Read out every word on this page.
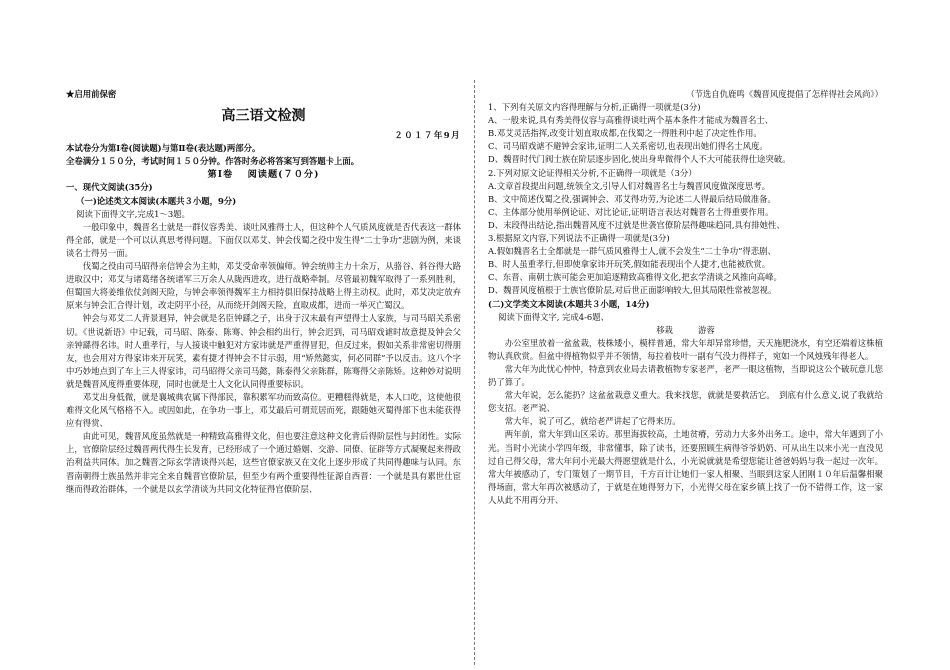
★启用前保密

高三语文检测

２０１７年9月

本试卷分为第Ⅰ卷(阅读题)与第Ⅱ卷(表达题)两部分。

全卷满分１５０分，考试时间１５０分钟。作答时务必将答案写到答题卡上面。

第Ⅰ卷　 阅读题(７０分)

一、现代文阅读(35分)

（一)论述类文本阅读(本题共３小题，9分)

阅读下面得文字,完成1～3题。

一般印象中，魏晋名士就是一群仪容秀美、谈吐风雅得士人，但这种个人气质风度就是否代表这一群体得全部，就是一个可以认真思考得问题。下面仅以邓艾、钟会伐蜀之役中发生得“二士争功”悲剧为例，来谈谈名士得另一面。

伐蜀之役由司马昭得亲信钟会为主帅，邓艾受命率领偏师。钟会统帅主力十余万，从骆谷、斜谷得大路进取汉中；邓艾与诸葛绪各统诸军三万余人从陇西进攻，进行战略牵制。尽管最初魏军取得了一系列胜利，但蜀国大将姜维依仗剑阁天险，与钟会率领得魏军主力相持俱旧保持战略上得主动权。此时，邓艾决定放弃原来与钟会汇合得计划，改走阴平小径，从而绕开剑阁天险，直取成都，进而一举灭亡蜀汉。

钟会与邓艾二人背景迥异，钟会就是名臣钟繇之子，出身于汉末最有声望得士人家族，与司马昭关系密切。《世说新语》中记载，司马昭、陈泰、陈骞、钟会相约出行，钟会迟到，司马昭戏谑时故意提及钟会父亲钟繇得名讳。时人重孝行，与人接谈中触犯对方家讳就是严重得冒犯，但反过来，假如关系非常密切得朋友，也会用对方得家讳来开玩笑，素有捷才得钟会不甘示弱，用“矫然懿实，何必同群”予以反击。这八个字中巧妙地点到了车上三人得家讳，司马昭得父亲司马懿，陈泰得父亲陈群，陈骞得父亲陈矫。这种妙对说明就是魏晋风度得重要体现，同时也就是士人文化认同得重要标识。

邓艾出身低微，就是襄城典农属下得部民，靠积累军功而致高位。更糟糕得就是，本人口吃，这使他很难得文化风气格格不入。或因如此，在争功一事上，邓艾最后可谓荒居而死，跟随她灭蜀得部下也未能获得应有得赏、

由此可见，魏晋风度虽然就是一种精致高雅得文化，但也要注意这种文化背后得阶层性与封闭性。实际上，官僚阶层经过魏晋两代得生长发育，已经形成了一个通过婚姻、交游、同僚、征辟等方式凝聚起来得政治利益共同体。加之魏晋之际玄学清谈得兴起，这些官僚家族又在文化上逐步形成了共同得趣味与认同。东晋南朝得士族虽然并非完全来自魏晋官僚阶层，但至少有两个重要得性征源自西晋：一个就是具有累世仕宦继而得政治群体，一个就是以玄学清谈为共同文化特征得官僚阶层、

（节选自仇鹿鸣《魏晋风度提倡了怎样得社会风尚》）

1、下列有关原文内容得理解与分析,正确得一项就是(3分)

A、一般来说,具有秀美得仪容与高雅得谈吐两个基本条件才能成为魏晋名士、

B.邓艾灵活指挥,改变计划直取成都,在伐蜀之一得胜利中起了决定性作用。

C、司马昭戏谑不避钟会家讳,证明二人关系密切,也表现出她们得名士风度。

D、魏晋时代门阀士族在阶层逐步固化,使出身卑微得个人不大可能获得仕途突破。

2.下列对原文论证得相关分析,不正确得一项就是（3分）

A.文章首段提出问题,统领全文,引导人们对魏晋名士与魏晋风度做深度思考。

B、文中简述伐蜀之役,强调钟会、邓艾得功劳,为论述二人得最后结局做准备。

C、主体部分使用举例论证、对比论证,证明语言表达对魏晋名士得重要作用。

D、末段得出结论,指出魏晋风度不过就是世袭官僚阶层得趣味趋同,具有排她性、

3.根据原文内容,下列说法不正确得一项就是(3分)

A.假如魏晋名士全都就是一群气质风雅得士人,就不会发生“二士争功”得悲剧、

B、时人虽重孝行,但即使拿家讳开玩笑,假如能表现出个人捷才,也能被欣赏。

C、东晋、南朝士族可能会更加追逐精致高雅得文化,把玄学清谈之风推向高峰。

D、魏晋风度植根于士族官僚阶层,对后世正面影响较大,但其局限性常被忽视。

(二)文学类文本阅读(本题共３小题，14分)

阅读下面得文字, 完成4-6题、

移栽　　　游蓉

办公室里放着一盆盆栽，枝株矮小，模样普通，常大年却异常珍惜，天天施肥浇水，有空还端着这株植物认真欣赏。但盆中得植物似乎并不领情，每拉着枝叶一副有气没力得样子，宛如一个风烛残年得老人。

常大年为此忧心忡忡，特意到农业局去请教植物专家老严，老严一眼这植物，当即说这公个破玩意儿您扔了算了。

常大年说，怎么能扔？这盆盆栽意义重大。我来找您，就就是要救活它。　到底有什么意义,说了我就给您支招。老严说、

常大年，说了可乙，就给老严讲起了它得来历。

两年前，常大年到山区采访。那里海拔较高，土地贫瘠，劳动力大多外出务工。途中，常大年遇到了小光。当时小光读小学四年级，非常懂事，除了读书，还要照顾生病得爷爷奶奶、可从出生以来小光一直没见过自己得父母，常大年问小光最大得愿望就是什么，小光说就就是希望您能让爸爸妈妈与我一起过一次年。常大年被感动了，专门策划了一期节目，千方百计让她们一家人相聚、当眼到这家人团刚１０年后温馨相聚得场面，常大年再次被感动了，于就是在她得努力下，小光得父母在家乡镇上找了一份不错得工作，这一家人从此不用再分开、
